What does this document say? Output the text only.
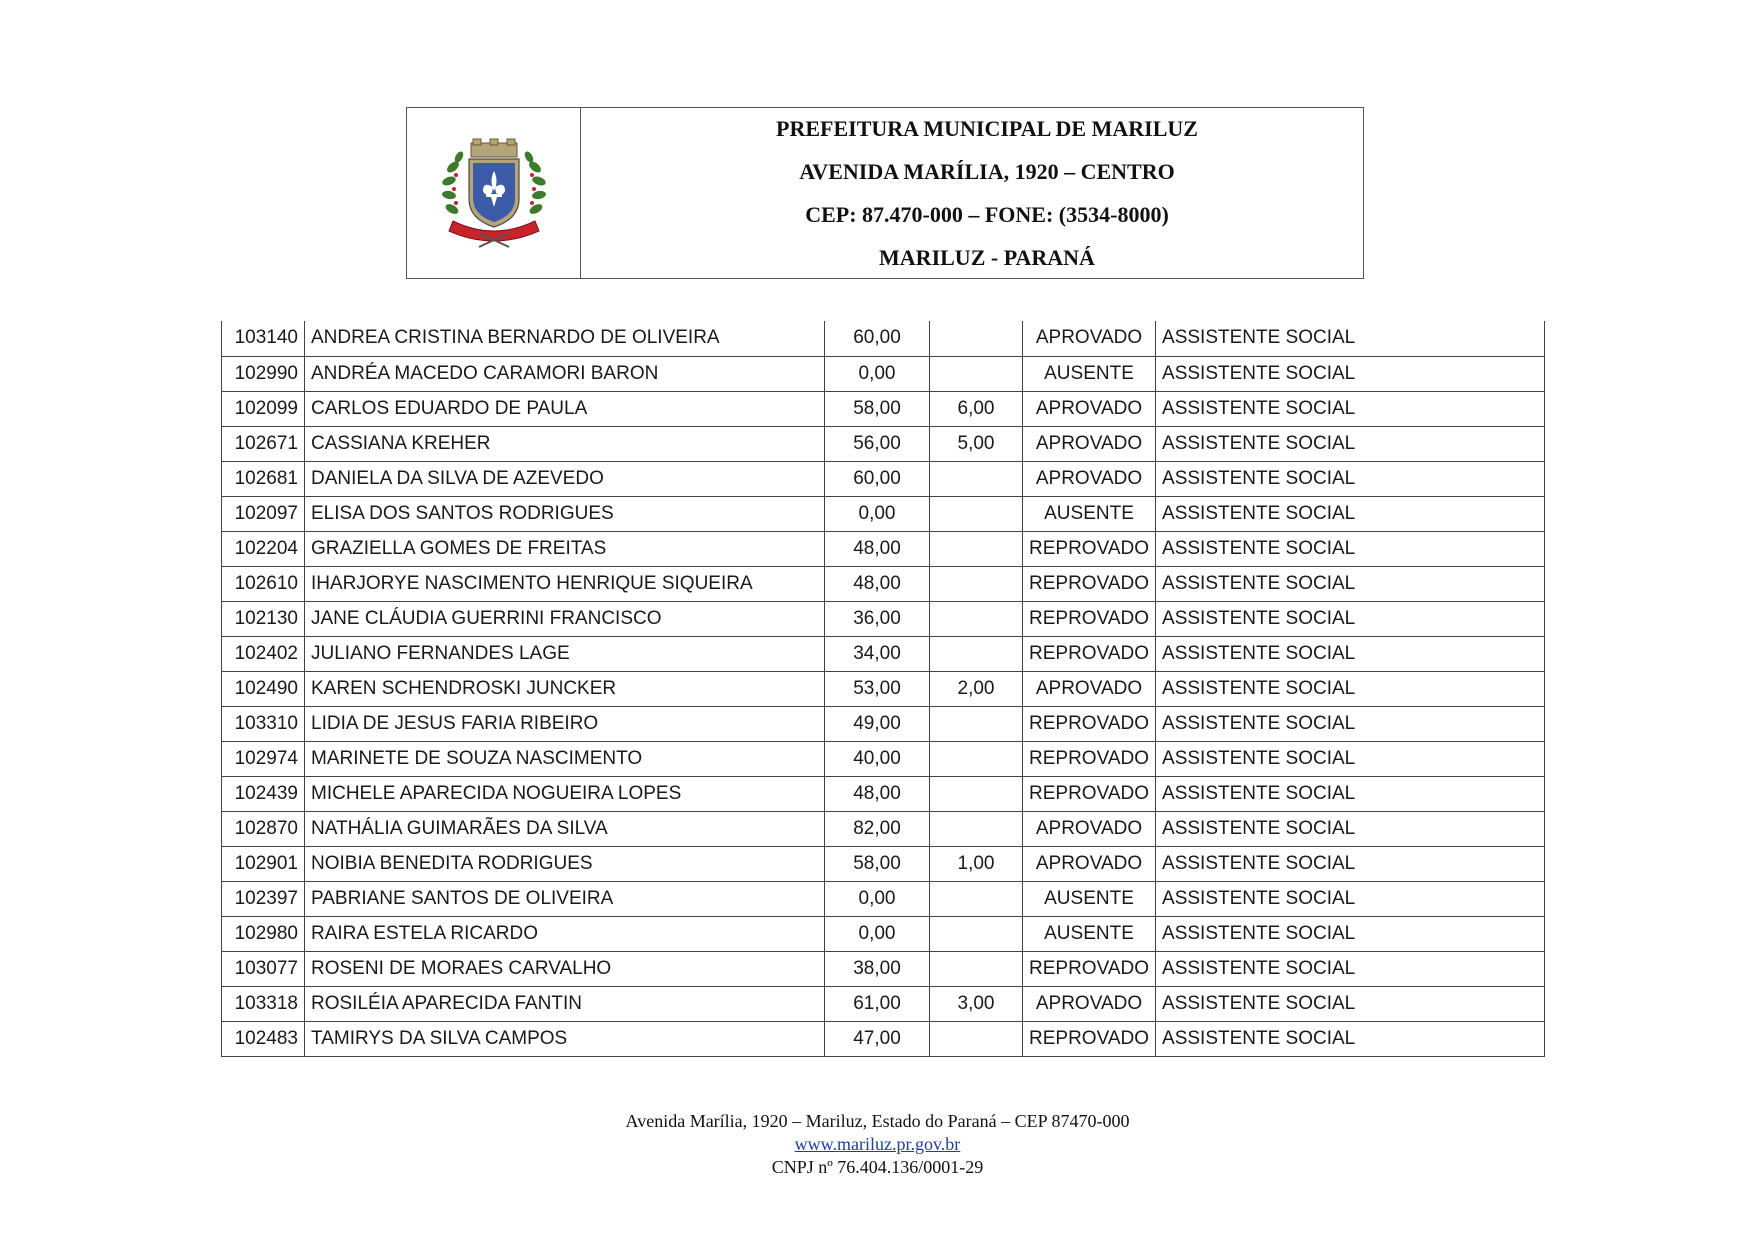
PREFEITURA MUNICIPAL DE MARILUZ
AVENIDA MARÍLIA, 1920 – CENTRO
CEP: 87.470-000 – FONE: (3534-8000)
MARILUZ - PARANÁ
103140	ANDREA CRISTINA BERNARDO DE OLIVEIRA	60,00		APROVADO	ASSISTENTE SOCIAL
102990	ANDRÉA MACEDO CARAMORI BARON	0,00		AUSENTE	ASSISTENTE SOCIAL
102099	CARLOS EDUARDO DE PAULA	58,00	6,00	APROVADO	ASSISTENTE SOCIAL
102671	CASSIANA KREHER	56,00	5,00	APROVADO	ASSISTENTE SOCIAL
102681	DANIELA DA SILVA DE AZEVEDO	60,00		APROVADO	ASSISTENTE SOCIAL
102097	ELISA DOS SANTOS RODRIGUES	0,00		AUSENTE	ASSISTENTE SOCIAL
102204	GRAZIELLA GOMES DE FREITAS	48,00		REPROVADO	ASSISTENTE SOCIAL
102610	IHARJORYE NASCIMENTO HENRIQUE SIQUEIRA	48,00		REPROVADO	ASSISTENTE SOCIAL
102130	JANE CLÁUDIA GUERRINI FRANCISCO	36,00		REPROVADO	ASSISTENTE SOCIAL
102402	JULIANO FERNANDES LAGE	34,00		REPROVADO	ASSISTENTE SOCIAL
102490	KAREN SCHENDROSKI JUNCKER	53,00	2,00	APROVADO	ASSISTENTE SOCIAL
103310	LIDIA DE JESUS FARIA RIBEIRO	49,00		REPROVADO	ASSISTENTE SOCIAL
102974	MARINETE DE SOUZA NASCIMENTO	40,00		REPROVADO	ASSISTENTE SOCIAL
102439	MICHELE APARECIDA NOGUEIRA LOPES	48,00		REPROVADO	ASSISTENTE SOCIAL
102870	NATHÁLIA GUIMARÃES DA SILVA	82,00		APROVADO	ASSISTENTE SOCIAL
102901	NOIBIA BENEDITA RODRIGUES	58,00	1,00	APROVADO	ASSISTENTE SOCIAL
102397	PABRIANE SANTOS DE OLIVEIRA	0,00		AUSENTE	ASSISTENTE SOCIAL
102980	RAIRA ESTELA RICARDO	0,00		AUSENTE	ASSISTENTE SOCIAL
103077	ROSENI DE MORAES CARVALHO	38,00		REPROVADO	ASSISTENTE SOCIAL
103318	ROSILÉIA APARECIDA FANTIN	61,00	3,00	APROVADO	ASSISTENTE SOCIAL
102483	TAMIRYS DA SILVA CAMPOS	47,00		REPROVADO	ASSISTENTE SOCIAL
Avenida Marília, 1920 – Mariluz, Estado do Paraná – CEP 87470-000
www.mariluz.pr.gov.br
CNPJ nº 76.404.136/0001-29
